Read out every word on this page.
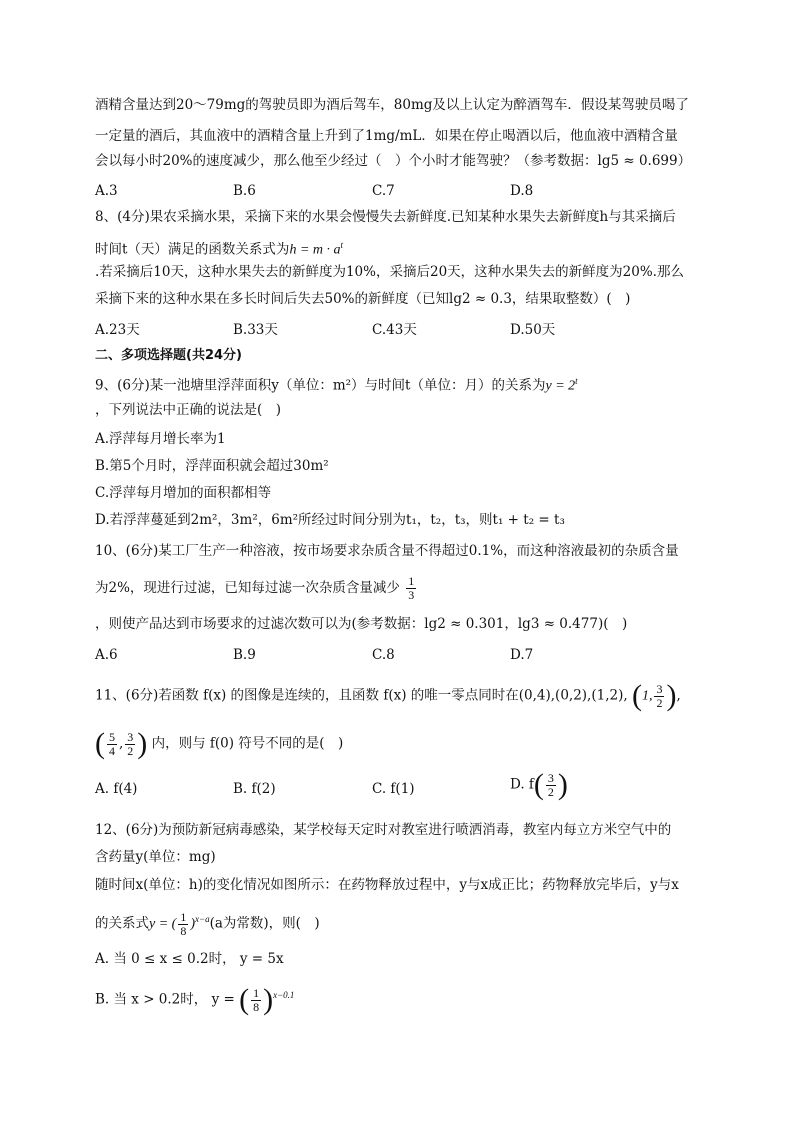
酒精含量达到20～79mg的驾驶员即为酒后驾车，80mg及以上认定为醉酒驾车．假设某驾驶员喝了
一定量的酒后，其血液中的酒精含量上升到了1mg/mL．如果在停止喝酒以后，他血液中酒精含量
会以每小时20%的速度减少，那么他至少经过（　）个小时才能驾驶？（参考数据：lg5 ≈ 0.699）
A.3	B.6	C.7	D.8
8、(4分)果农采摘水果，采摘下来的水果会慢慢失去新鲜度.已知某种水果失去新鲜度h与其采摘后
时间t（天）满足的函数关系式为$h = m \cdot a^t$
.若采摘后10天，这种水果失去的新鲜度为10%，采摘后20天，这种水果失去的新鲜度为20%.那么
采摘下来的这种水果在多长时间后失去50%的新鲜度（已知lg2 ≈ 0.3，结果取整数）(　)
A.23天	B.33天	C.43天	D.50天
二、多项选择题(共24分)
9、(6分)某一池塘里浮萍面积y（单位：m²）与时间t（单位：月）的关系为$y = 2^t$
，下列说法中正确的说法是(　)
A.浮萍每月增长率为1
B.第5个月时，浮萍面积就会超过30m²
C.浮萍每月增加的面积都相等
D.若浮萍蔓延到2m²，3m²，6m²所经过时间分别为t₁，t₂，t₃，则t₁ + t₂ = t₃
10、(6分)某工厂生产一种溶液，按市场要求杂质含量不得超过0.1%，而这种溶液最初的杂质含量
为2%，现进行过滤，已知每过滤一次杂质含量减少 $\frac{1}{3}$
，则使产品达到市场要求的过滤次数可以为(参考数据：lg2 ≈ 0.301，lg3 ≈ 0.477)(　)
A.6	B.9	C.8	D.7
11、(6分)若函数 f(x) 的图像是连续的，且函数 f(x) 的唯一零点同时在(0,4),(0,2),(1,2), (1, $\frac{3}{2}$ ),
( $\frac{5}{4}$ , $\frac{3}{2}$ ) 内，则与 f(0) 符号不同的是(　)
A. f(4)	B. f(2)	C. f(1)	D. $f( \frac{3}{2}$ )
12、(6分)为预防新冠病毒感染，某学校每天定时对教室进行喷洒消毒，教室内每立方米空气中的
含药量y(单位：mg)
随时间x(单位：h)的变化情况如图所示：在药物释放过程中，y与x成正比；药物释放完毕后，y与x
的关系式y = ( $\frac{1}{8} )^{x-a}(a$为常数)，则(　)
A. 当 0 ≤ x ≤ 0.2时， y = 5x
B. 当 x > 0.2时， y = ( $\frac{1}{8} )^{x-0.1}$
